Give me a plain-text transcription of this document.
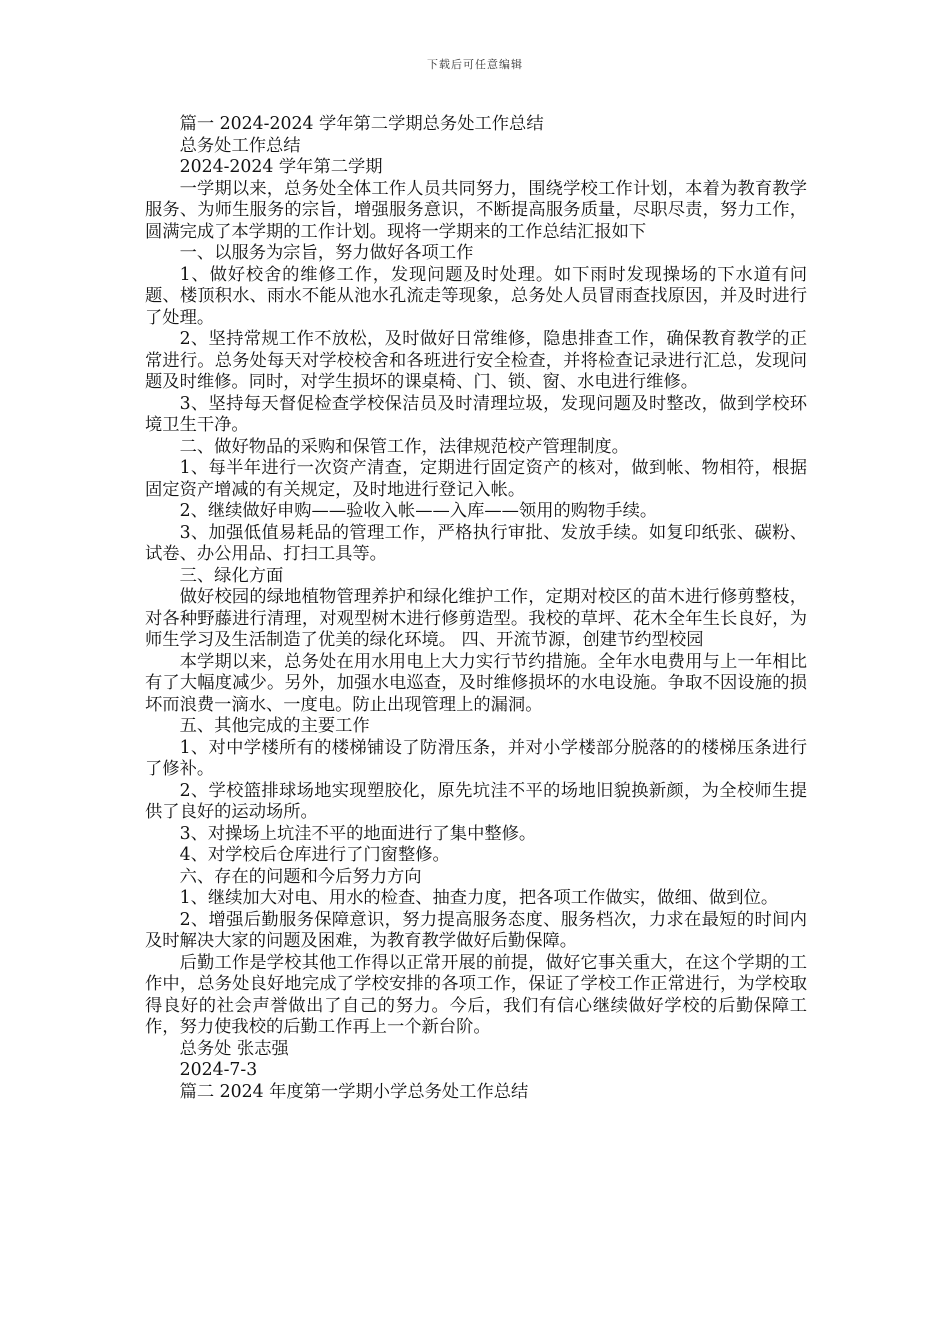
下载后可任意编辑

篇一 2024-2024 学年第二学期总务处工作总结

总务处工作总结

2024-2024 学年第二学期

一学期以来，总务处全体工作人员共同努力，围绕学校工作计划，本着为教育教学服务、为师生服务的宗旨，增强服务意识，不断提高服务质量，尽职尽责，努力工作，圆满完成了本学期的工作计划。现将一学期来的工作总结汇报如下

一、以服务为宗旨，努力做好各项工作

1、做好校舍的维修工作，发现问题及时处理。如下雨时发现操场的下水道有问题、楼顶积水、雨水不能从池水孔流走等现象，总务处人员冒雨查找原因，并及时进行了处理。

2、坚持常规工作不放松，及时做好日常维修，隐患排查工作，确保教育教学的正常进行。总务处每天对学校校舍和各班进行安全检查，并将检查记录进行汇总，发现问题及时维修。同时，对学生损坏的课桌椅、门、锁、窗、水电进行维修。

3、坚持每天督促检查学校保洁员及时清理垃圾，发现问题及时整改，做到学校环境卫生干净。

二、做好物品的采购和保管工作，法律规范校产管理制度。

1、每半年进行一次资产清查，定期进行固定资产的核对，做到帐、物相符，根据固定资产增减的有关规定，及时地进行登记入帐。

2、继续做好申购——验收入帐——入库——领用的购物手续。

3、加强低值易耗品的管理工作，严格执行审批、发放手续。如复印纸张、碳粉、试卷、办公用品、打扫工具等。

三、绿化方面

做好校园的绿地植物管理养护和绿化维护工作，定期对校区的苗木进行修剪整枝，对各种野藤进行清理，对观型树木进行修剪造型。我校的草坪、花木全年生长良好，为师生学习及生活制造了优美的绿化环境。 四、开流节源，创建节约型校园

本学期以来，总务处在用水用电上大力实行节约措施。全年水电费用与上一年相比有了大幅度减少。另外，加强水电巡查，及时维修损坏的水电设施。争取不因设施的损坏而浪费一滴水、一度电。防止出现管理上的漏洞。

五、其他完成的主要工作

1、对中学楼所有的楼梯铺设了防滑压条，并对小学楼部分脱落的的楼梯压条进行了修补。

2、学校篮排球场地实现塑胶化，原先坑洼不平的场地旧貌换新颜，为全校师生提供了良好的运动场所。

3、对操场上坑洼不平的地面进行了集中整修。

4、对学校后仓库进行了门窗整修。

六、存在的问题和今后努力方向

1、继续加大对电、用水的检查、抽查力度，把各项工作做实，做细、做到位。

2、增强后勤服务保障意识，努力提高服务态度、服务档次，力求在最短的时间内及时解决大家的问题及困难，为教育教学做好后勤保障。

后勤工作是学校其他工作得以正常开展的前提，做好它事关重大，在这个学期的工作中，总务处良好地完成了学校安排的各项工作，保证了学校工作正常进行，为学校取得良好的社会声誉做出了自己的努力。今后，我们有信心继续做好学校的后勤保障工作，努力使我校的后勤工作再上一个新台阶。

总务处 张志强

2024-7-3

篇二 2024 年度第一学期小学总务处工作总结
